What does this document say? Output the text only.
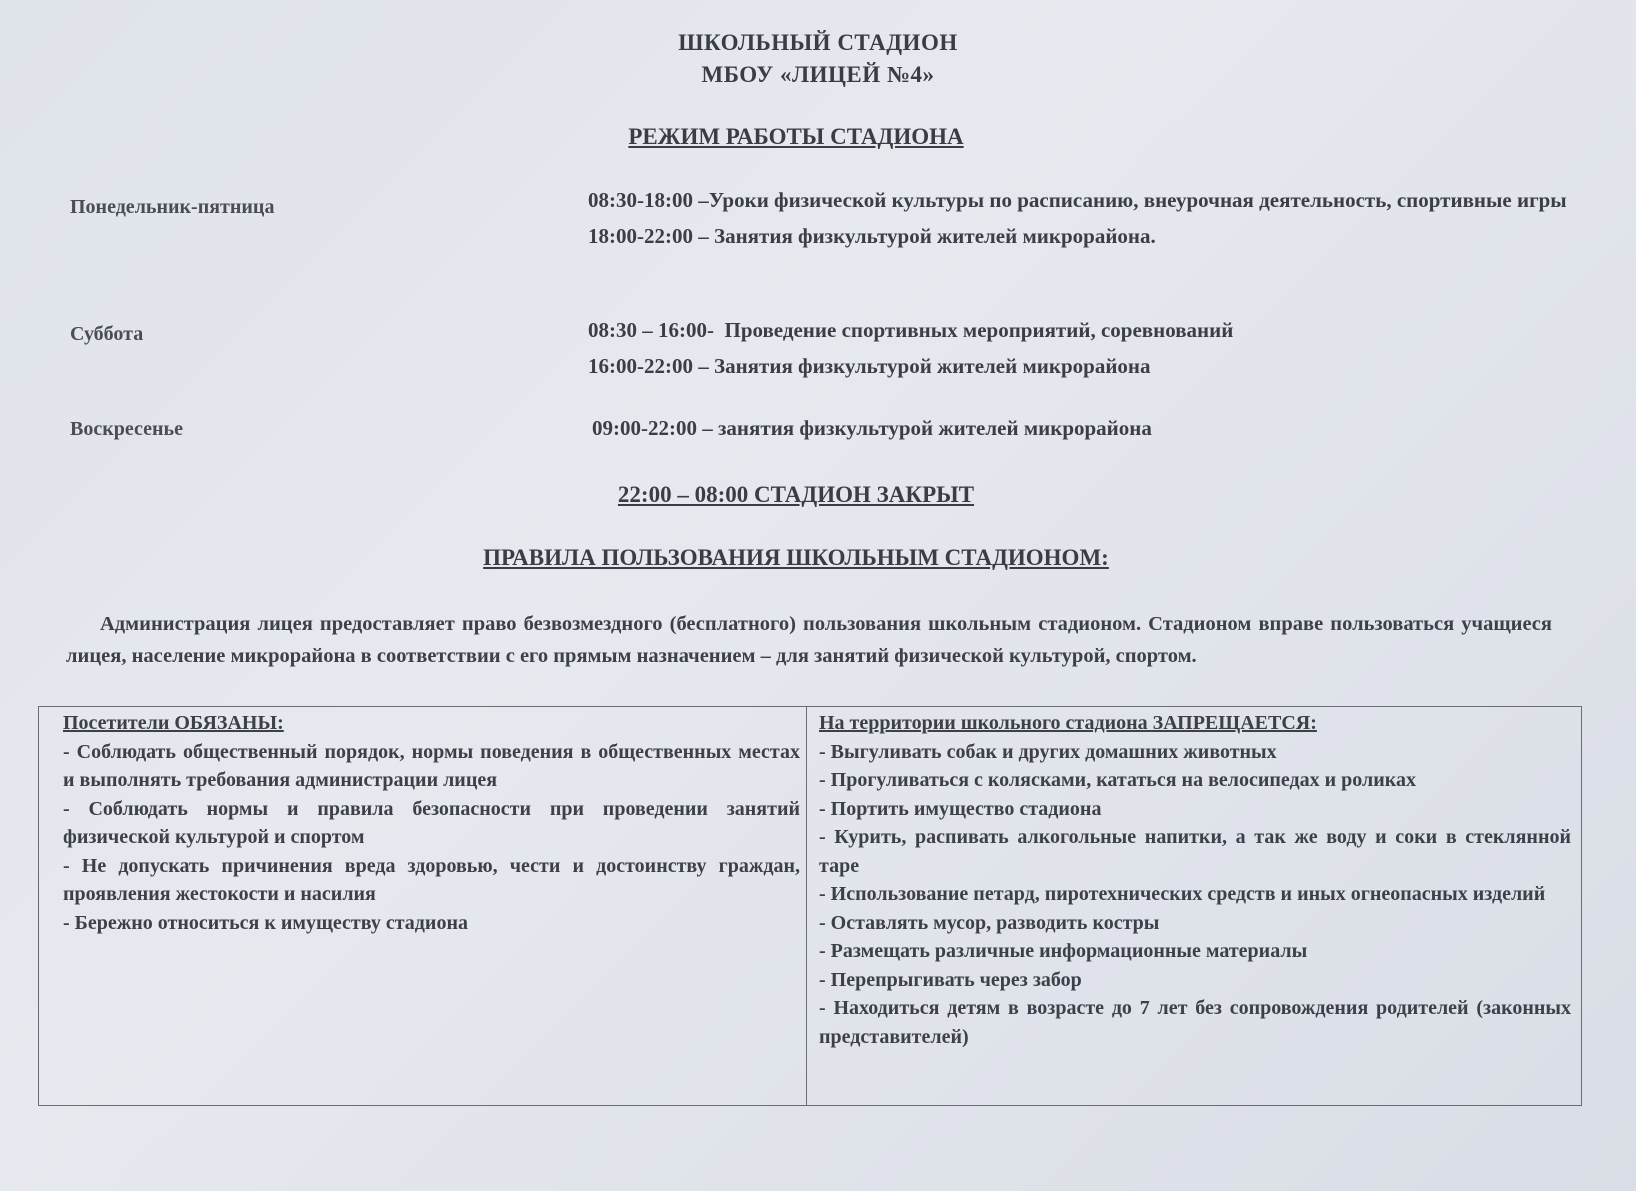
ШКОЛЬНЫЙ СТАДИОН
МБОУ «ЛИЦЕЙ №4»
РЕЖИМ РАБОТЫ СТАДИОНА
Понедельник-пятница	08:30-18:00 –Уроки физической культуры по расписанию, внеурочная деятельность, спортивные игры
18:00-22:00 – Занятия физкультурой жителей микрорайона.
Суббота	08:30 – 16:00-  Проведение спортивных мероприятий, соревнований
16:00-22:00 – Занятия физкультурой жителей микрорайона
Воскресенье	09:00-22:00 – занятия физкультурой жителей микрорайона
22:00 – 08:00 СТАДИОН ЗАКРЫТ
ПРАВИЛА ПОЛЬЗОВАНИЯ ШКОЛЬНЫМ СТАДИОНОМ:
Администрация лицея предоставляет право безвозмездного (бесплатного) пользования школьным стадионом. Стадионом вправе пользоваться учащиеся лицея, население микрорайона в соответствии с его прямым назначением – для занятий физической культурой, спортом.
Посетители ОБЯЗАНЫ:
- Соблюдать общественный порядок, нормы поведения в общественных местах и выполнять требования администрации лицея
- Соблюдать нормы и правила безопасности при проведении занятий физической культурой и спортом
- Не допускать причинения вреда здоровью, чести и достоинству граждан, проявления жестокости и насилия
- Бережно относиться к имуществу стадиона
На территории школьного стадиона ЗАПРЕЩАЕТСЯ:
- Выгуливать собак и других домашних животных
- Прогуливаться с колясками, кататься на велосипедах и роликах
- Портить имущество стадиона
- Курить, распивать алкогольные напитки, а так же воду и соки в стеклянной таре
- Использование петард, пиротехнических средств и иных огнеопасных изделий
- Оставлять мусор, разводить костры
- Размещать различные информационные материалы
- Перепрыгивать через забор
- Находиться детям в возрасте до 7 лет без сопровождения родителей (законных представителей)
